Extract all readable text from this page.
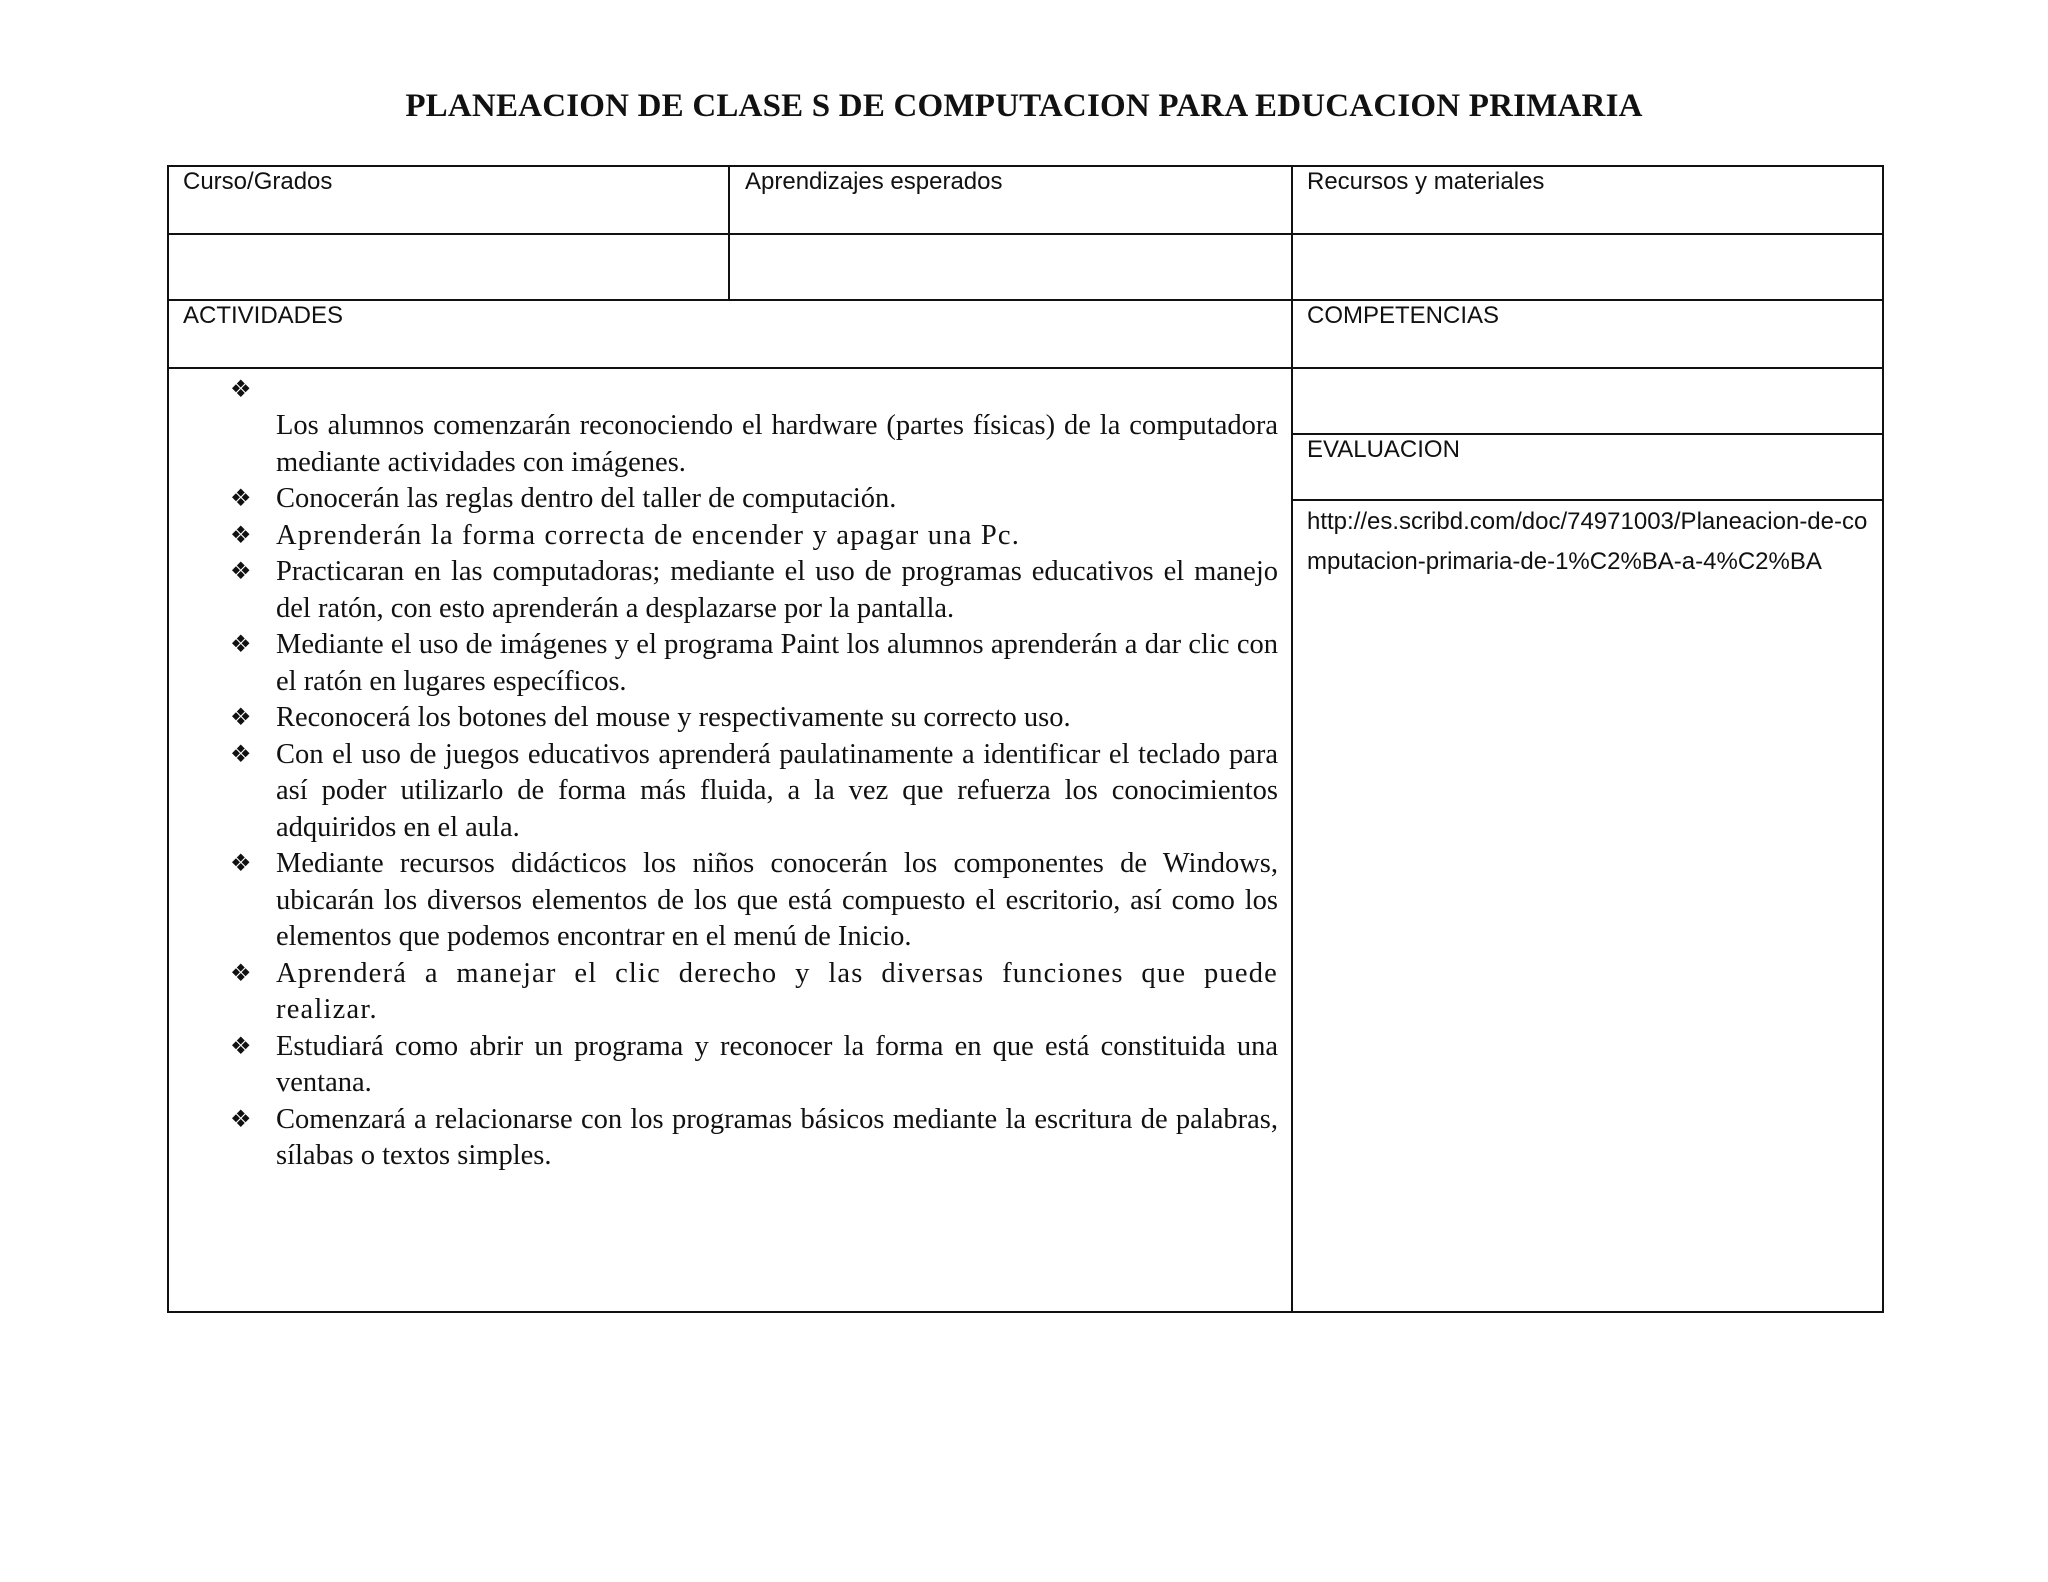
PLANEACION DE CLASE S DE COMPUTACION PARA EDUCACION PRIMARIA
Curso/Grados	Aprendizajes esperados	Recursos y materiales
ACTIVIDADES	COMPETENCIAS
EVALUACION
http://es.scribd.com/doc/74971003/Planeacion-de-computacion-primaria-de-1%C2%BA-a-4%C2%BA
❖
Los alumnos comenzarán reconociendo el hardware (partes físicas) de la computadora mediante actividades con imágenes.
❖ Conocerán las reglas dentro del taller de computación.
❖ Aprenderán la forma correcta de encender y apagar una Pc.
❖ Practicaran en las computadoras; mediante el uso de programas educativos el manejo del ratón, con esto aprenderán a desplazarse por la pantalla.
❖ Mediante el uso de imágenes y el programa Paint los alumnos aprenderán a dar clic con el ratón en lugares específicos.
❖ Reconocerá los botones del mouse y respectivamente su correcto uso.
❖ Con el uso de juegos educativos aprenderá paulatinamente a identificar el teclado para así poder utilizarlo de forma más fluida, a la vez que refuerza los conocimientos adquiridos en el aula.
❖ Mediante recursos didácticos los niños conocerán los componentes de Windows, ubicarán los diversos elementos de los que está compuesto el escritorio, así como los elementos que podemos encontrar en el menú de Inicio.
❖ Aprenderá a manejar el clic derecho y las diversas funciones que puede realizar.
❖ Estudiará como abrir un programa y reconocer la forma en que está constituida una ventana.
❖ Comenzará a relacionarse con los programas básicos mediante la escritura de palabras, sílabas o textos simples.
